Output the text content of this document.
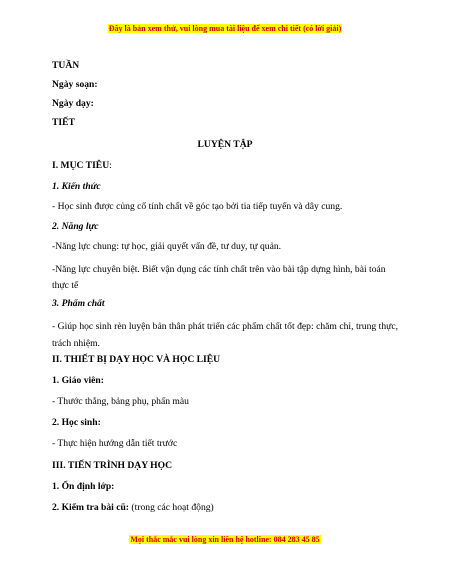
Đây là bản xem thử, vui lòng mua tài liệu để xem chi tiết (có lời giải)
TUẦN
Ngày soạn:
Ngày dạy:
TIẾT
LUYỆN TẬP
I. MỤC TIÊU:
1. Kiến thức
- Học sinh được củng cố tính chất về góc tạo bởi tia tiếp tuyến và dây cung.
2. Năng lực
-Năng lực chung: tự học, giải quyết vấn đề, tư duy, tự quản.
-Năng lực chuyên biệt. Biết vận dụng các tính chất trên vào bài tập dựng hình, bài toán thực tế
3. Phẩm chất
- Giúp học sinh rèn luyện bản thân phát triển các phẩm chất tốt đẹp: chăm chỉ, trung thực, trách nhiệm.
II. THIẾT BỊ DẠY HỌC VÀ HỌC LIỆU
1. Giáo viên:
- Thước thẳng, bảng phụ, phấn màu
2. Học sinh:
- Thực hiện hướng dẫn tiết trước
III. TIẾN TRÌNH DẠY HỌC
1. Ổn định lớp:
2. Kiểm tra bài cũ: (trong các hoạt động)
Mọi thắc mắc vui lòng xin liên hệ hotline: 084 283 45 85
